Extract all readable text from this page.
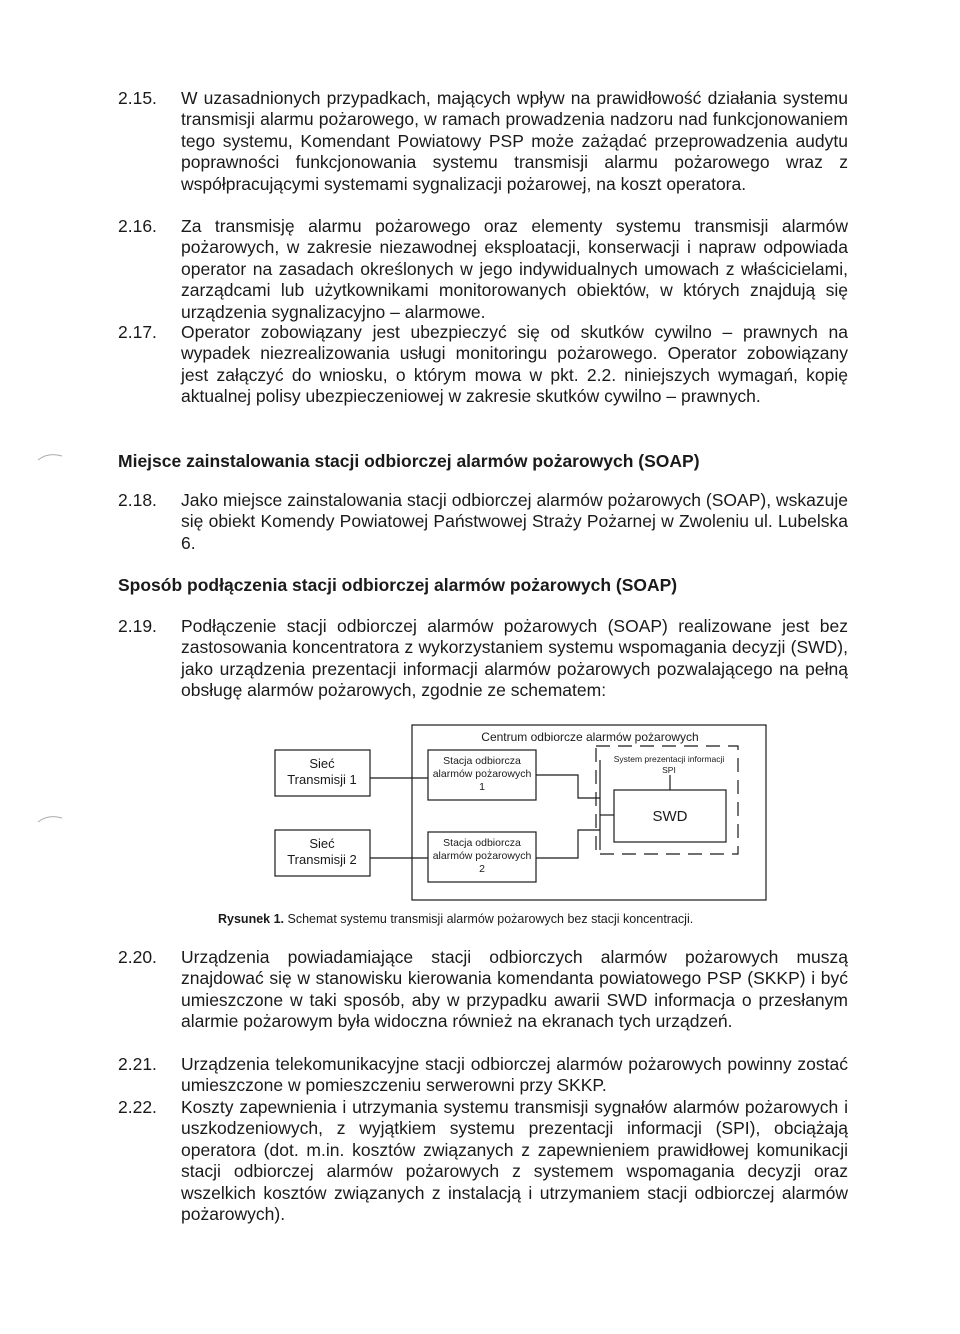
2.15.	W uzasadnionych przypadkach, mających wpływ na prawidłowość działania systemu transmisji alarmu pożarowego, w ramach prowadzenia nadzoru nad funkcjonowaniem tego systemu, Komendant Powiatowy PSP może zażądać przeprowadzenia audytu poprawności funkcjonowania systemu transmisji alarmu pożarowego wraz z współpracującymi systemami sygnalizacji pożarowej, na koszt operatora.
2.16.	Za transmisję alarmu pożarowego oraz elementy systemu transmisji alarmów pożarowych, w zakresie niezawodnej eksploatacji, konserwacji i napraw odpowiada operator na zasadach określonych w jego indywidualnych umowach z właścicielami, zarządcami lub użytkownikami monitorowanych obiektów, w których znajdują się urządzenia sygnalizacyjno – alarmowe.
2.17.	Operator zobowiązany jest ubezpieczyć się od skutków cywilno – prawnych na wypadek niezrealizowania usługi monitoringu pożarowego. Operator zobowiązany jest załączyć do wniosku, o którym mowa w pkt. 2.2. niniejszych wymagań, kopię aktualnej polisy ubezpieczeniowej w zakresie skutków cywilno – prawnych.
Miejsce zainstalowania stacji odbiorczej alarmów pożarowych (SOAP)
2.18.	Jako miejsce zainstalowania stacji odbiorczej alarmów pożarowych (SOAP), wskazuje się obiekt Komendy Powiatowej Państwowej Straży Pożarnej w Zwoleniu ul. Lubelska 6.
Sposób podłączenia stacji odbiorczej alarmów pożarowych (SOAP)
2.19.	Podłączenie stacji odbiorczej alarmów pożarowych (SOAP) realizowane jest bez zastosowania koncentratora z wykorzystaniem systemu wspomagania decyzji (SWD), jako urządzenia prezentacji informacji alarmów pożarowych pozwalającego na pełną obsługę alarmów pożarowych, zgodnie ze schematem:
Centrum odbiorcze alarmów pożarowych
Sieć
Transmisji 1
Sieć
Transmisji 2
Stacja odbiorcza
alarmów pożarowych
1
Stacja odbiorcza
alarmów pożarowych
2
System prezentacji informacji
SPI
SWD
Rysunek 1. Schemat systemu transmisji alarmów pożarowych bez stacji koncentracji.
2.20.	Urządzenia powiadamiające stacji odbiorczych alarmów pożarowych muszą znajdować się w stanowisku kierowania komendanta powiatowego PSP (SKKP) i być umieszczone w taki sposób, aby w przypadku awarii SWD informacja o przesłanym alarmie pożarowym była widoczna również na ekranach tych urządzeń.
2.21.	Urządzenia telekomunikacyjne stacji odbiorczej alarmów pożarowych powinny zostać umieszczone w pomieszczeniu serwerowni przy SKKP.
2.22.	Koszty zapewnienia i utrzymania systemu transmisji sygnałów alarmów pożarowych i uszkodzeniowych, z wyjątkiem systemu prezentacji informacji (SPI), obciążają operatora (dot. m.in. kosztów związanych z zapewnieniem prawidłowej komunikacji stacji odbiorczej alarmów pożarowych z systemem wspomagania decyzji oraz wszelkich kosztów związanych z instalacją i utrzymaniem stacji odbiorczej alarmów pożarowych).
